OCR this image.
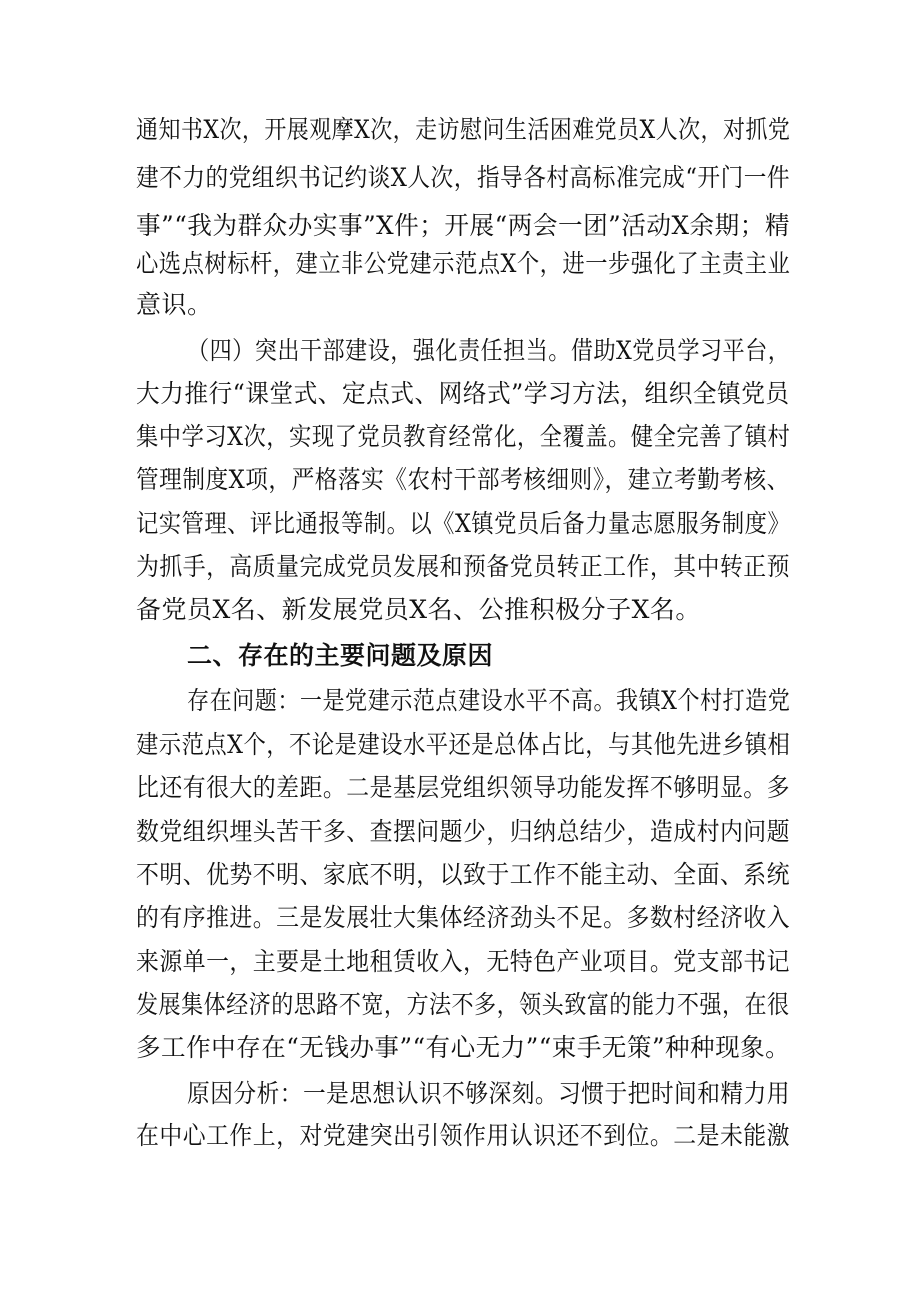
通知书X次，开展观摩X次，走访慰问生活困难党员X人次，对抓党
建不力的党组织书记约谈X人次，指导各村高标准完成“开门一件
事”“我为群众办实事”X件；开展“两会一团”活动X余期；精
心选点树标杆，建立非公党建示范点X个，进一步强化了主责主业
意识。
（四）突出干部建设，强化责任担当。借助X党员学习平台，
大力推行“课堂式、定点式、网络式”学习方法，组织全镇党员
集中学习X次，实现了党员教育经常化，全覆盖。健全完善了镇村
管理制度X项，严格落实《农村干部考核细则》，建立考勤考核、
记实管理、评比通报等制。以《X镇党员后备力量志愿服务制度》
为抓手，高质量完成党员发展和预备党员转正工作，其中转正预
备党员X名、新发展党员X名、公推积极分子X名。
二、存在的主要问题及原因
存在问题：一是党建示范点建设水平不高。我镇X个村打造党
建示范点X个，不论是建设水平还是总体占比，与其他先进乡镇相
比还有很大的差距。二是基层党组织领导功能发挥不够明显。多
数党组织埋头苦干多、查摆问题少，归纳总结少，造成村内问题
不明、优势不明、家底不明，以致于工作不能主动、全面、系统
的有序推进。三是发展壮大集体经济劲头不足。多数村经济收入
来源单一，主要是土地租赁收入，无特色产业项目。党支部书记
发展集体经济的思路不宽，方法不多，领头致富的能力不强，在很
多工作中存在“无钱办事”“有心无力”“束手无策”种种现象。
原因分析：一是思想认识不够深刻。习惯于把时间和精力用
在中心工作上，对党建突出引领作用认识还不到位。二是未能激
